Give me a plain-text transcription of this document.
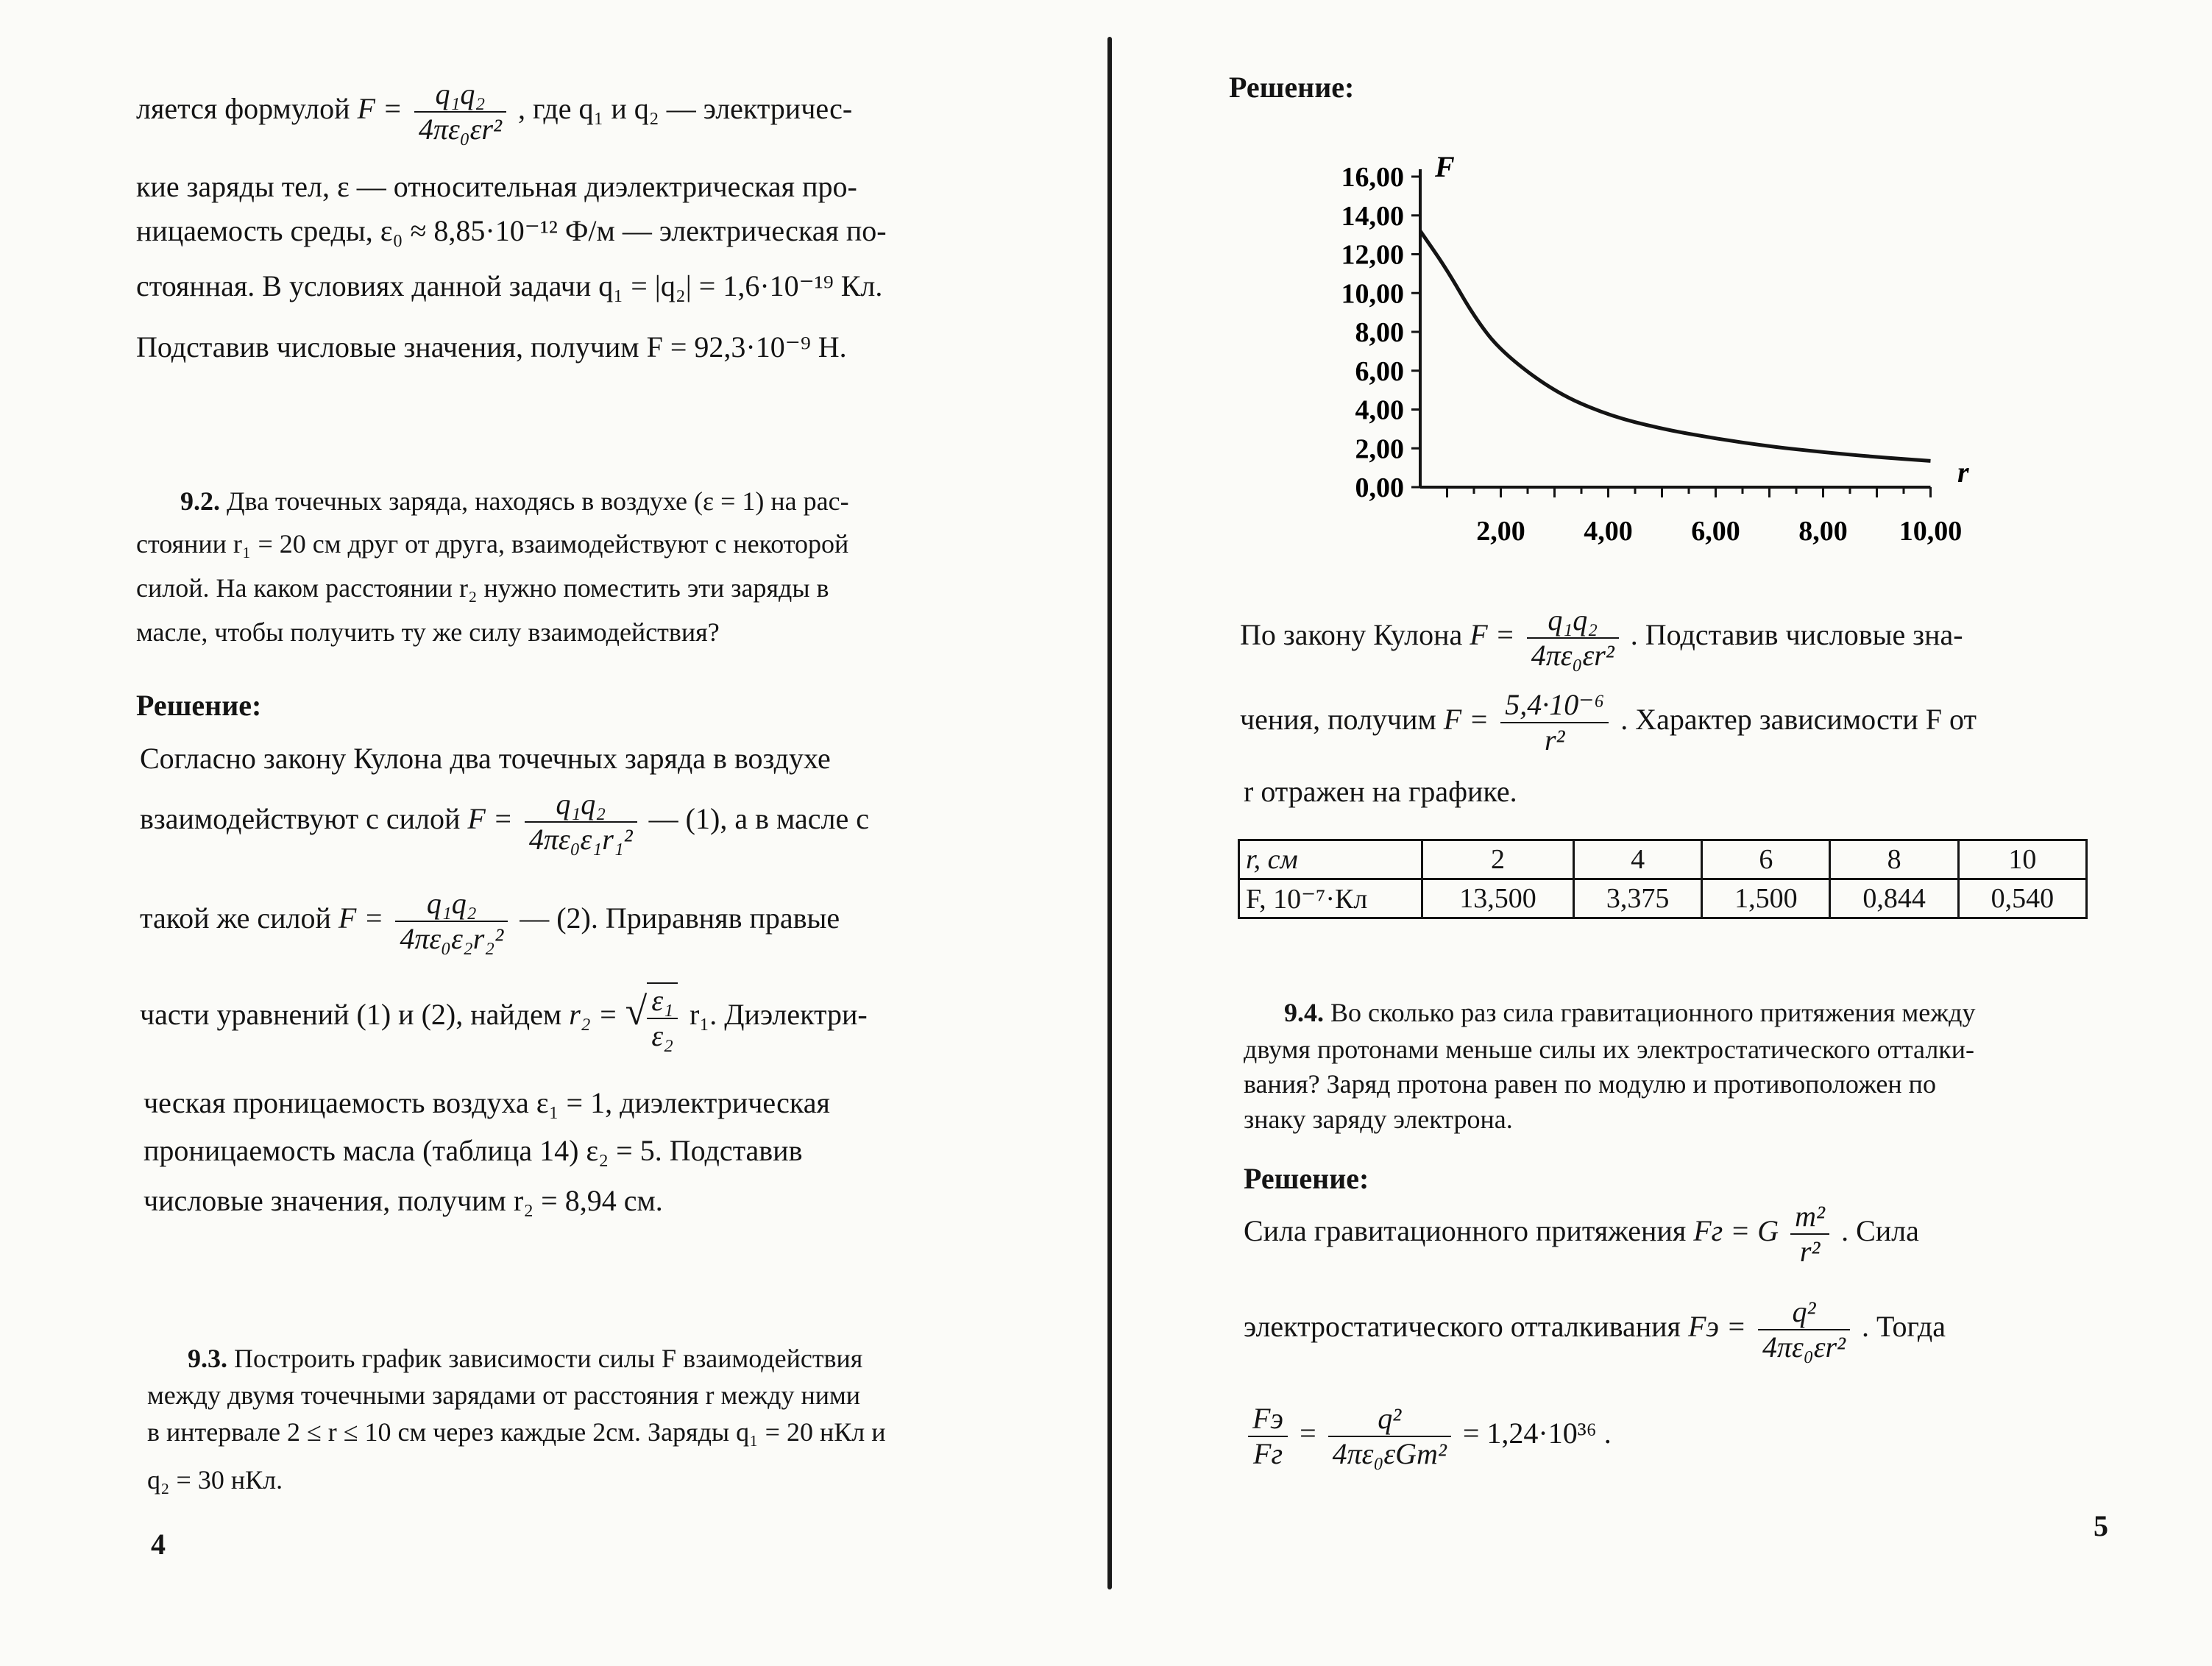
ляется формулой $F = \frac{\text{q₁q₂}}{\text{4πε₀εr²}}$ , где q₁ и q₂ — электричес-
кие заряды тел, ε — относительная диэлектрическая про-
ницаемость среды, ε₀ ≈ 8,85·10⁻¹² Ф/м — электрическая по-
стоянная. В условиях данной задачи q₁ = |q₂| = 1,6·10⁻¹⁹ Кл.
Подставив числовые значения, получим F = 92,3·10⁻⁹ Н.
9.2. Два точечных заряда, находясь в воздухе (ε = 1) на рас-
стоянии r₁ = 20 см друг от друга, взаимодействуют с некоторой
силой. На каком расстоянии r₂ нужно поместить эти заряды в
масле, чтобы получить ту же силу взаимодействия?
Решение:
Согласно закону Кулона два точечных заряда в воздухе
взаимодействуют с силой $F = \frac{\text{q₁q₂}}{\text{4πε₀ε₁r₁²}}$ — (1), а в масле с
такой же силой $F = \frac{\text{q₁q₂}}{\text{4πε₀ε₂r₂²}}$ — (2). Приравняв правые
части уравнений (1) и (2), найдем r₂ = √ $\frac{\text{ε₁}}{\text{ε₂}} r_1$. Диэлектри-
ческая проницаемость воздуха ε₁ = 1, диэлектрическая
проницаемость масла (таблица 14) ε₂ = 5. Подставив
числовые значения, получим r₂ = 8,94 см.
9.3. Построить график зависимости силы F взаимодействия
между двумя точечными зарядами от расстояния r между ними
в интервале 2 ≤ r ≤ 10 см через каждые 2см. Заряды q₁ = 20 нКл и
q₂ = 30 нКл.
4
Решение:
0,00
2,00
4,00
6,00
8,00
10,00
12,00
14,00
16,00
2,00 4,00 6,00 8,00 10,00
F
r
По закону Кулона $F = \frac{\text{q₁q₂}}{\text{4πε₀εr²}}$ . Подставив числовые зна-
чения, получим $F = \frac{\text{5,4·10⁻⁶}}{\text{r²}}$ . Характер зависимости F от
r отражен на графике.
r, см	2	4	6	8	10
F, 10⁻⁷·Кл	13,500	3,375	1,500	0,844	0,540
9.4. Во сколько раз сила гравитационного притяжения между
двумя протонами меньше силы их электростатического отталки-
вания? Заряд протона равен по модулю и противоположен по
знаку заряду электрона.
Решение:
Сила гравитационного притяжения Fг = G $\frac{\text{m²}}{\text{r²}}$ . Сила
электростатического отталкивания Fэ = $\frac{\text{q²}}{\text{4πε₀εr²}}$ . Тогда
$\frac{Fэ}{Fг} = \frac{\text{q²}}{\text{4πε₀εGm²}} = 1,24\cdot 10^{36}$ .
5
